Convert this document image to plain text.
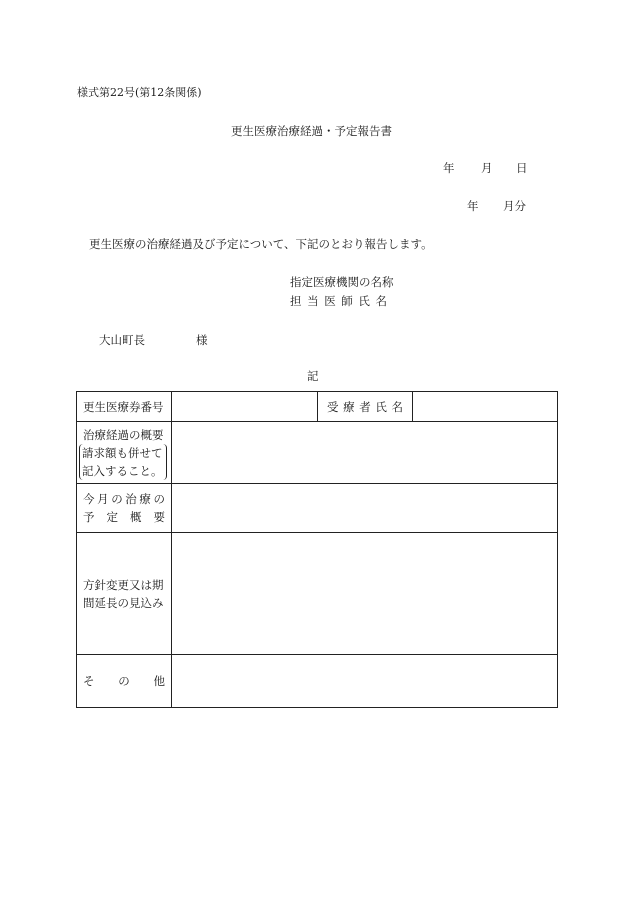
様式第22号(第12条関係)
更生医療治療経過・予定報告書
年 月 日
年 月分
更生医療の治療経過及び予定について、下記のとおり報告します。
指定医療機関の名称
担当医師氏名
大山町長	様
記
更生医療券番号		受療者氏名	

治療経過の概要
請求額も併せて
記入すること。			

今月の治療の
予定概要			

方針変更又は期
間延長の見込み			

その他			
